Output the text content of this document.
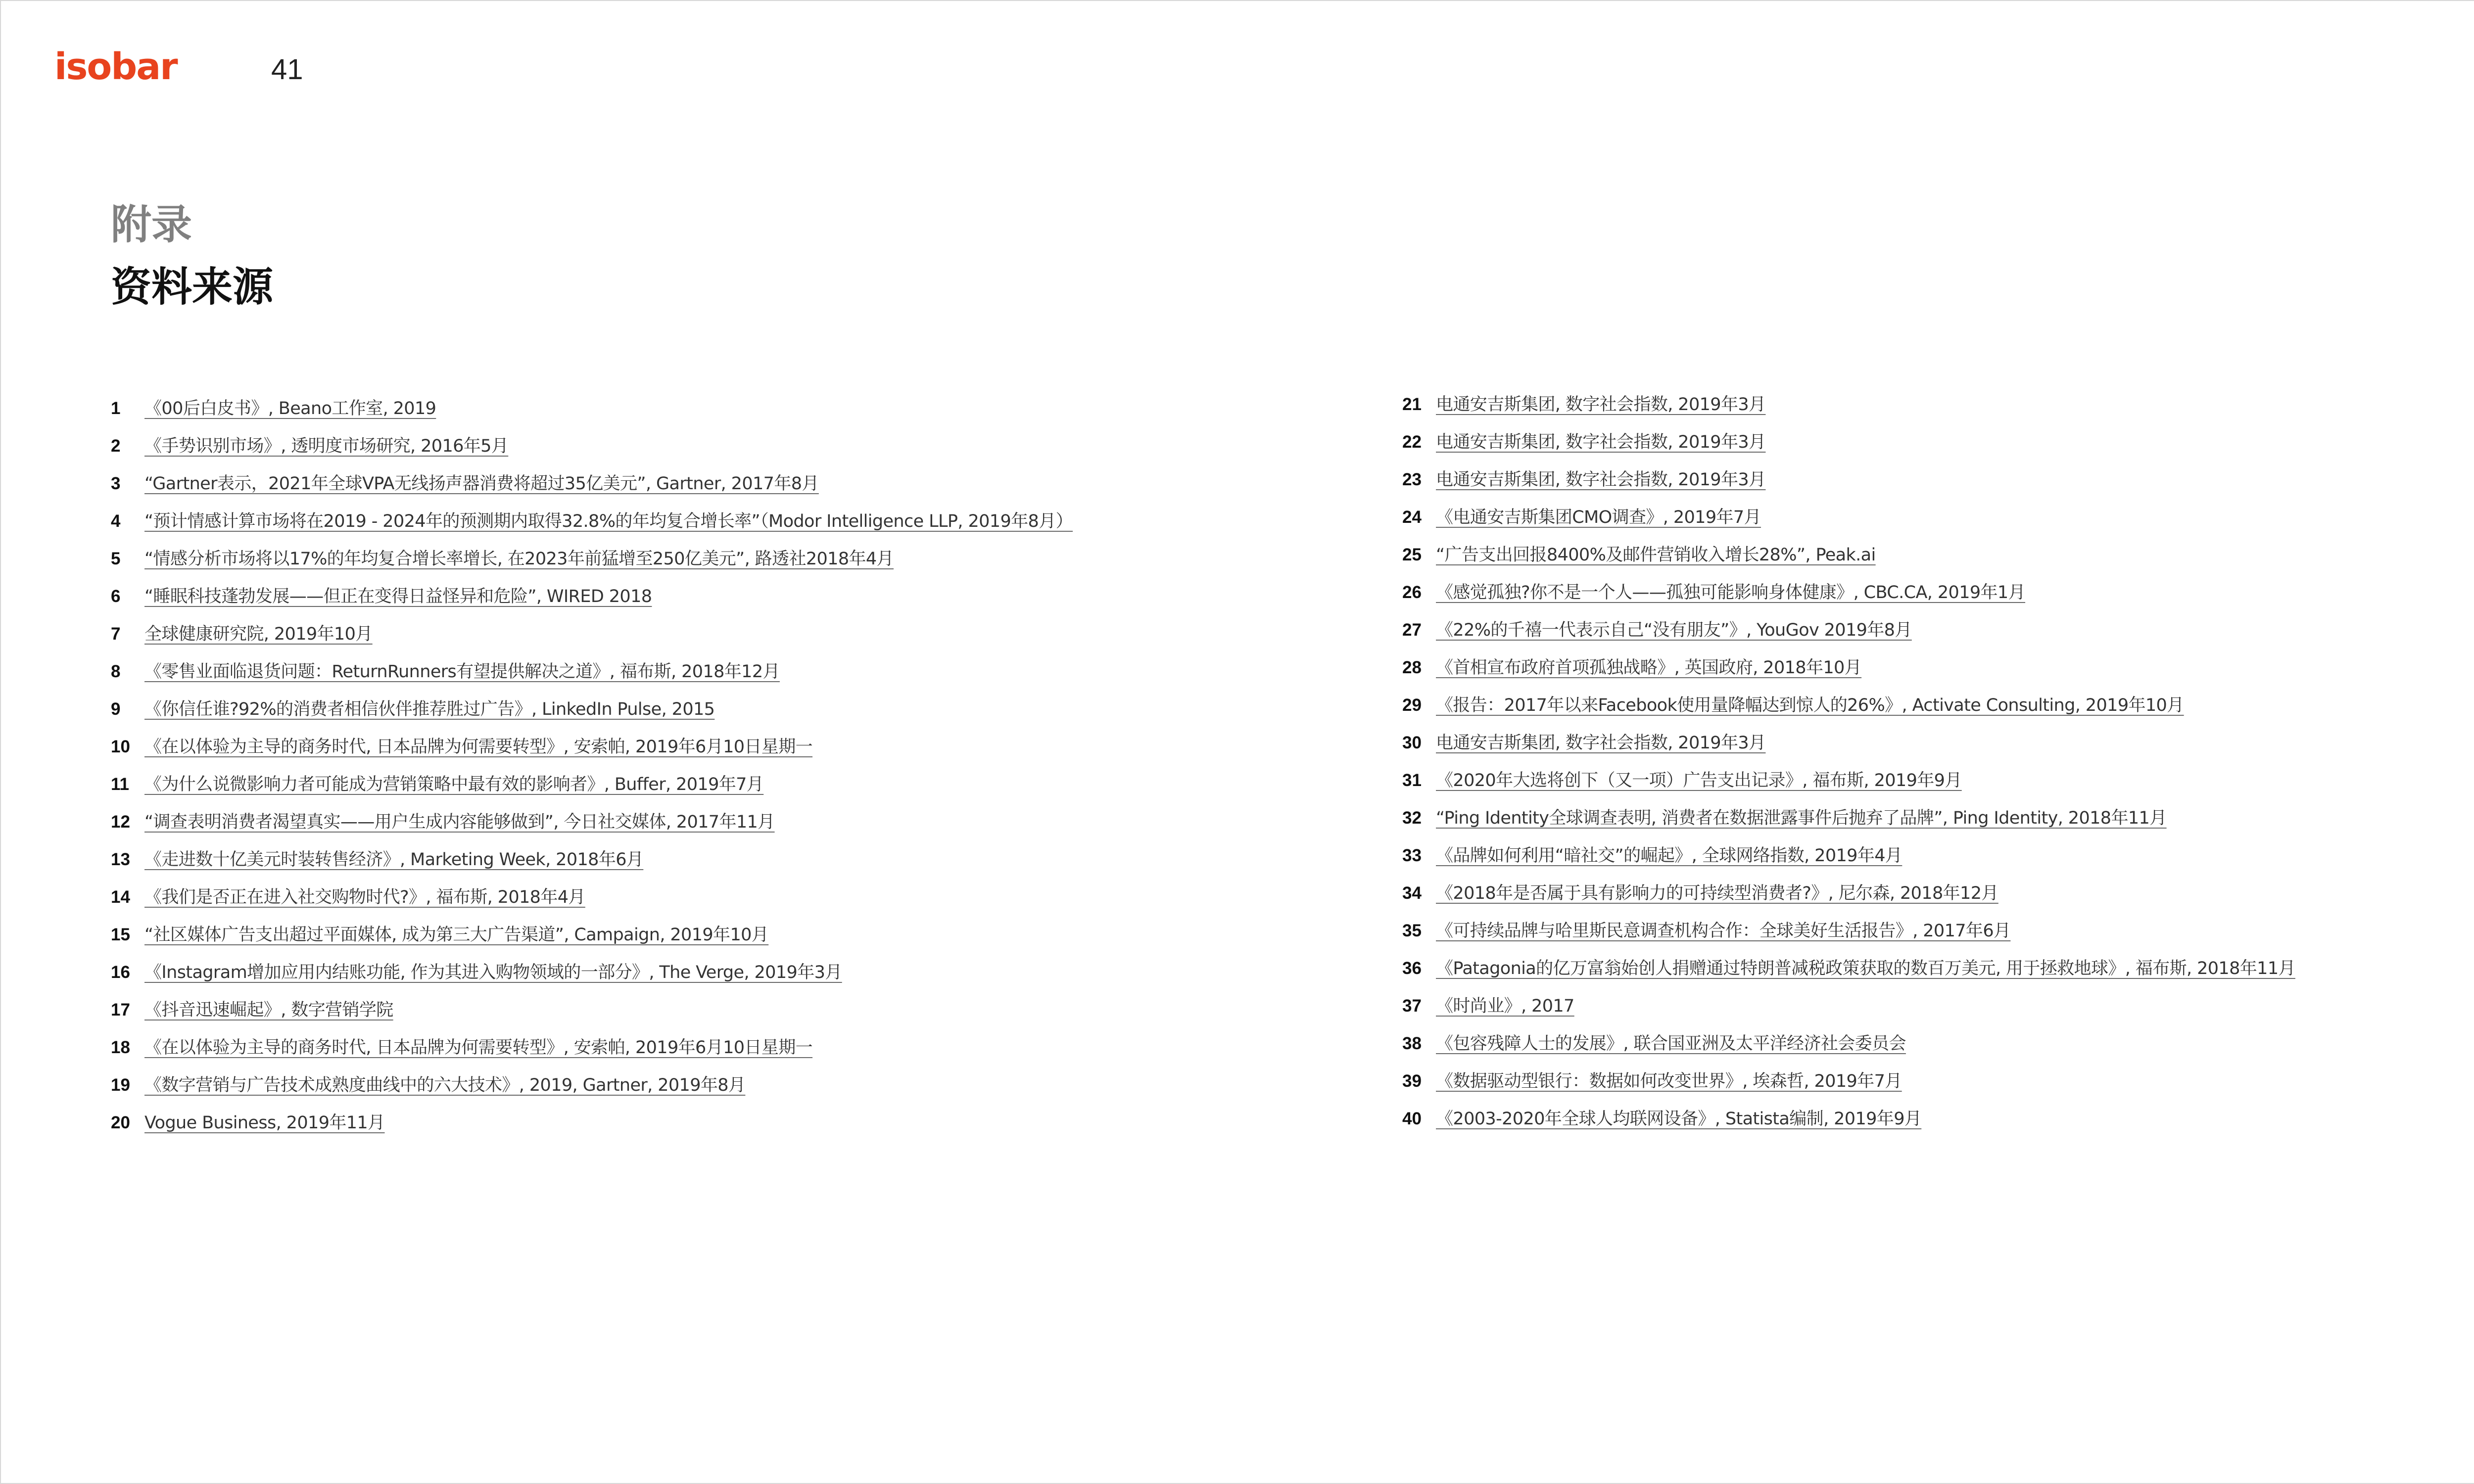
isobar	41
附录
资料来源
1	《00后白皮书》, Beano工作室, 2019
2	《手势识别市场》, 透明度市场研究, 2016年5月
3	“Gartner表示，2021年全球VPA无线扬声器消费将超过35亿美元”, Gartner, 2017年8月
4	“预计情感计算市场将在2019 - 2024年的预测期内取得32.8%的年均复合增长率”（Modor Intelligence LLP, 2019年8月）
5	“情感分析市场将以17%的年均复合增长率增长, 在2023年前猛增至250亿美元”, 路透社2018年4月
6	“睡眠科技蓬勃发展——但正在变得日益怪异和危险”, WIRED 2018
7	全球健康研究院, 2019年10月
8	《零售业面临退货问题：ReturnRunners有望提供解决之道》, 福布斯, 2018年12月
9	《你信任谁?92%的消费者相信伙伴推荐胜过广告》, LinkedIn Pulse, 2015
10 《在以体验为主导的商务时代, 日本品牌为何需要转型》, 安索帕, 2019年6月10日星期一
11 《为什么说微影响力者可能成为营销策略中最有效的影响者》, Buffer, 2019年7月
12 “调查表明消费者渴望真实——用户生成内容能够做到”, 今日社交媒体, 2017年11月
13 《走进数十亿美元时装转售经济》, Marketing Week, 2018年6月
14 《我们是否正在进入社交购物时代?》, 福布斯, 2018年4月
15 “社区媒体广告支出超过平面媒体, 成为第三大广告渠道”, Campaign, 2019年10月
16 《Instagram增加应用内结账功能, 作为其进入购物领域的一部分》, The Verge, 2019年3月
17 《抖音迅速崛起》, 数字营销学院
18 《在以体验为主导的商务时代, 日本品牌为何需要转型》, 安索帕, 2019年6月10日星期一
19 《数字营销与广告技术成熟度曲线中的六大技术》, 2019, Gartner, 2019年8月
20 Vogue Business, 2019年11月
21 电通安吉斯集团, 数字社会指数, 2019年3月
22 电通安吉斯集团, 数字社会指数, 2019年3月
23 电通安吉斯集团, 数字社会指数, 2019年3月
24 《电通安吉斯集团CMO调查》, 2019年7月
25 “广告支出回报8400%及邮件营销收入增长28%”, Peak.ai
26 《感觉孤独?你不是一个人——孤独可能影响身体健康》, CBC.CA, 2019年1月
27 《22%的千禧一代表示自己“没有朋友”》, YouGov 2019年8月
28 《首相宣布政府首项孤独战略》, 英国政府, 2018年10月
29 《报告：2017年以来Facebook使用量降幅达到惊人的26%》, Activate Consulting, 2019年10月
30 电通安吉斯集团, 数字社会指数, 2019年3月
31 《2020年大选将创下（又一项）广告支出记录》, 福布斯, 2019年9月
32 “Ping Identity全球调查表明, 消费者在数据泄露事件后抛弃了品牌”, Ping Identity, 2018年11月
33 《品牌如何利用“暗社交”的崛起》, 全球网络指数, 2019年4月
34 《2018年是否属于具有影响力的可持续型消费者?》, 尼尔森, 2018年12月
35 《可持续品牌与哈里斯民意调查机构合作：全球美好生活报告》, 2017年6月
36 《Patagonia的亿万富翁始创人捐赠通过特朗普减税政策获取的数百万美元, 用于拯救地球》, 福布斯, 2018年11月
37 《时尚业》, 2017
38 《包容残障人士的发展》, 联合国亚洲及太平洋经济社会委员会
39 《数据驱动型银行：数据如何改变世界》, 埃森哲, 2019年7月
40 《2003-2020年全球人均联网设备》, Statista编制, 2019年9月
